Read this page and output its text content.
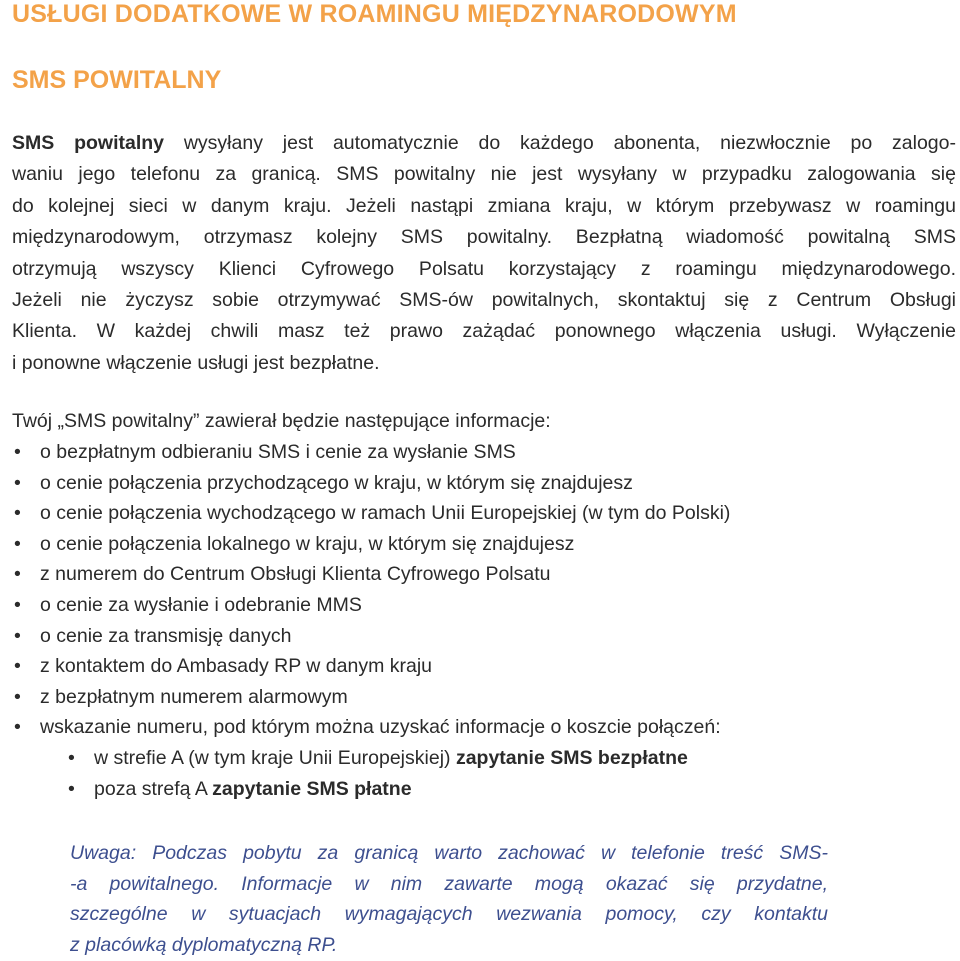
USŁUGI DODATKOWE W ROAMINGU MIĘDZYNARODOWYM
SMS POWITALNY

SMS powitalny wysyłany jest automatycznie do każdego abonenta, niezwłocznie po zalogo-
waniu jego telefonu za granicą. SMS powitalny nie jest wysyłany w przypadku zalogowania się
do kolejnej sieci w danym kraju. Jeżeli nastąpi zmiana kraju, w którym przebywasz w roamingu
międzynarodowym, otrzymasz kolejny SMS powitalny. Bezpłatną wiadomość powitalną SMS
otrzymują wszyscy Klienci Cyfrowego Polsatu korzystający z roamingu międzynarodowego.
Jeżeli nie życzysz sobie otrzymywać SMS-ów powitalnych, skontaktuj się z Centrum Obsługi
Klienta. W każdej chwili masz też prawo zażądać ponownego włączenia usługi. Wyłączenie
i ponowne włączenie usługi jest bezpłatne.

Twój „SMS powitalny” zawierał będzie następujące informacje:
• o bezpłatnym odbieraniu SMS i cenie za wysłanie SMS
• o cenie połączenia przychodzącego w kraju, w którym się znajdujesz
• o cenie połączenia wychodzącego w ramach Unii Europejskiej (w tym do Polski)
• o cenie połączenia lokalnego w kraju, w którym się znajdujesz
• z numerem do Centrum Obsługi Klienta Cyfrowego Polsatu
• o cenie za wysłanie i odebranie MMS
• o cenie za transmisję danych
• z kontaktem do Ambasady RP w danym kraju
• z bezpłatnym numerem alarmowym
• wskazanie numeru, pod którym można uzyskać informacje o koszcie połączeń:
• w strefie A (w tym kraje Unii Europejskiej) zapytanie SMS bezpłatne
• poza strefą A zapytanie SMS płatne

Uwaga: Podczas pobytu za granicą warto zachować w telefonie treść SMS-
-a powitalnego. Informacje w nim zawarte mogą okazać się przydatne,
szczególne w sytuacjach wymagających wezwania pomocy, czy kontaktu
z placówką dyplomatyczną RP.
